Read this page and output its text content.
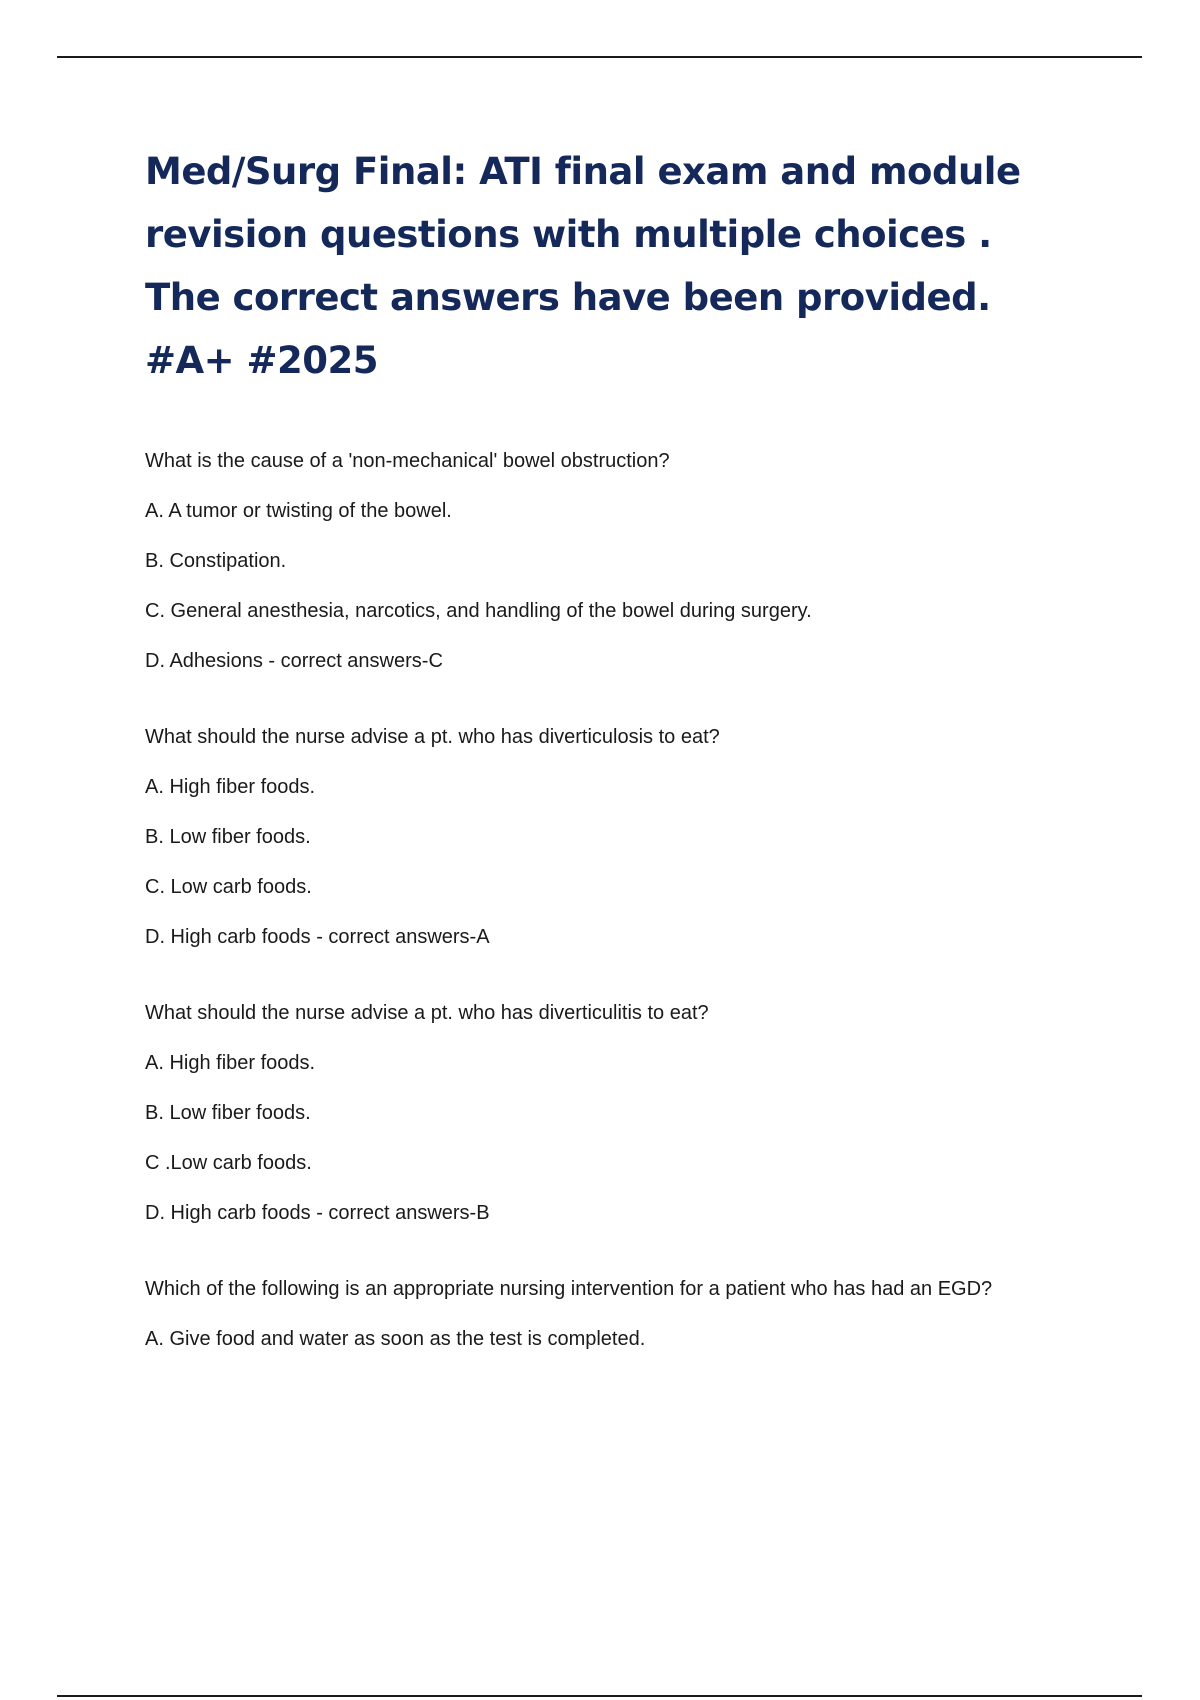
Med/Surg Final: ATI final exam and module revision questions with multiple choices . The correct answers have been provided. #A+ #2025

What is the cause of a 'non-mechanical' bowel obstruction?

A. A tumor or twisting of the bowel.

B. Constipation.

C. General anesthesia, narcotics, and handling of the bowel during surgery.

D. Adhesions - correct answers-C

What should the nurse advise a pt. who has diverticulosis to eat?

A. High fiber foods.

B. Low fiber foods.

C. Low carb foods.

D. High carb foods - correct answers-A

What should the nurse advise a pt. who has diverticulitis to eat?

A. High fiber foods.

B. Low fiber foods.

C .Low carb foods.

D. High carb foods - correct answers-B

Which of the following is an appropriate nursing intervention for a patient who has had an EGD?

A. Give food and water as soon as the test is completed.
